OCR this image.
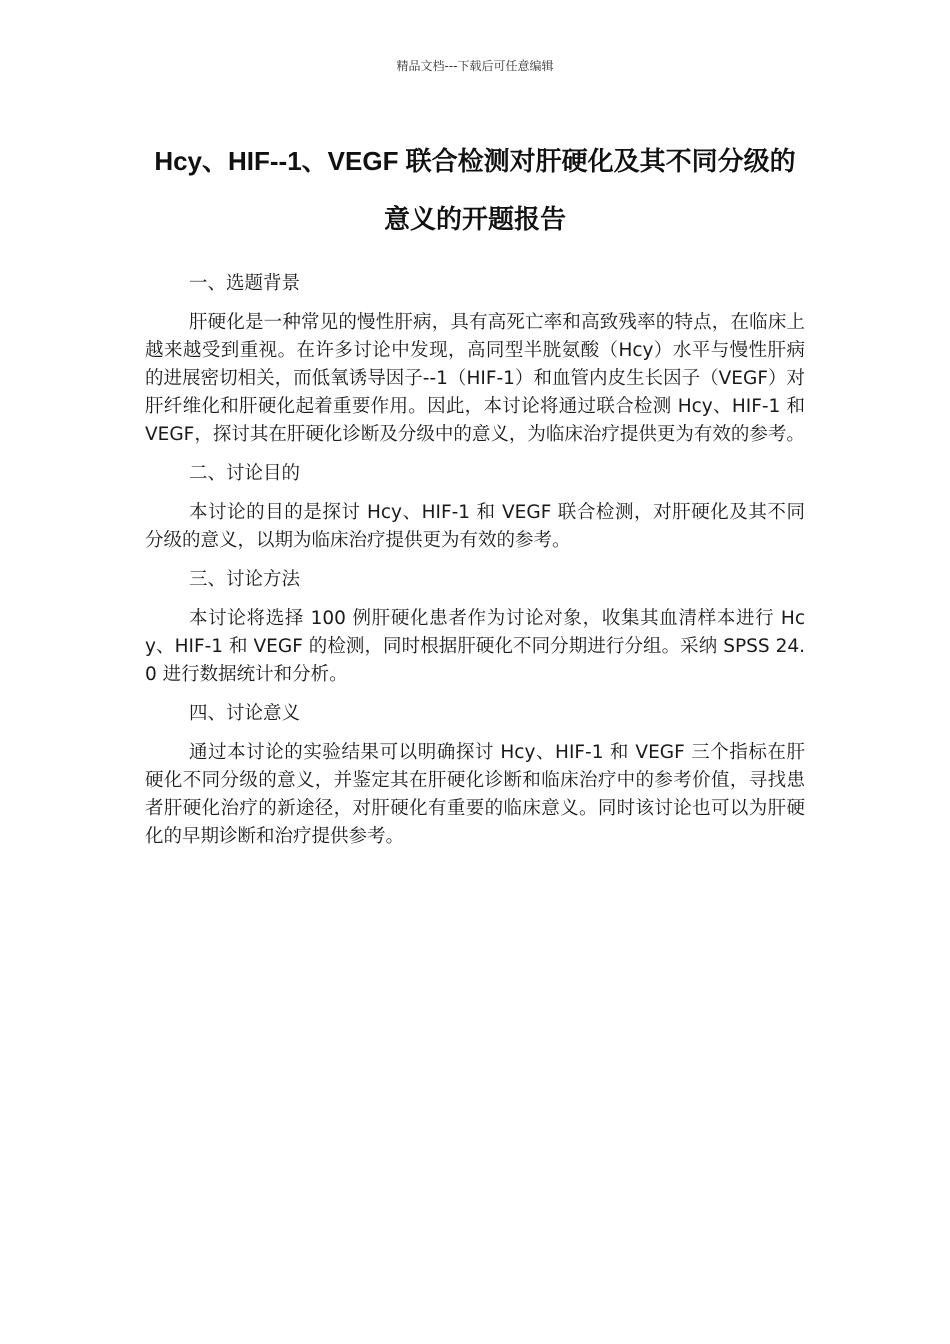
精品文档---下载后可任意编辑
Hcy、HIF--1、VEGF 联合检测对肝硬化及其不同分级的意义的开题报告

一、选题背景

肝硬化是一种常见的慢性肝病，具有高死亡率和高致残率的特点，在临床上越来越受到重视。在许多讨论中发现，高同型半胱氨酸（Hcy）水平与慢性肝病的进展密切相关，而低氧诱导因子--1（HIF-1）和血管内皮生长因子（VEGF）对肝纤维化和肝硬化起着重要作用。因此，本讨论将通过联合检测 Hcy、HIF-1 和 VEGF，探讨其在肝硬化诊断及分级中的意义，为临床治疗提供更为有效的参考。

二、讨论目的

本讨论的目的是探讨 Hcy、HIF-1 和 VEGF 联合检测，对肝硬化及其不同分级的意义，以期为临床治疗提供更为有效的参考。

三、讨论方法

本讨论将选择 100 例肝硬化患者作为讨论对象，收集其血清样本进行 Hcy、HIF-1 和 VEGF 的检测，同时根据肝硬化不同分期进行分组。采纳 SPSS 24.0 进行数据统计和分析。

四、讨论意义

通过本讨论的实验结果可以明确探讨 Hcy、HIF-1 和 VEGF 三个指标在肝硬化不同分级的意义，并鉴定其在肝硬化诊断和临床治疗中的参考价值，寻找患者肝硬化治疗的新途径，对肝硬化有重要的临床意义。同时该讨论也可以为肝硬化的早期诊断和治疗提供参考。
